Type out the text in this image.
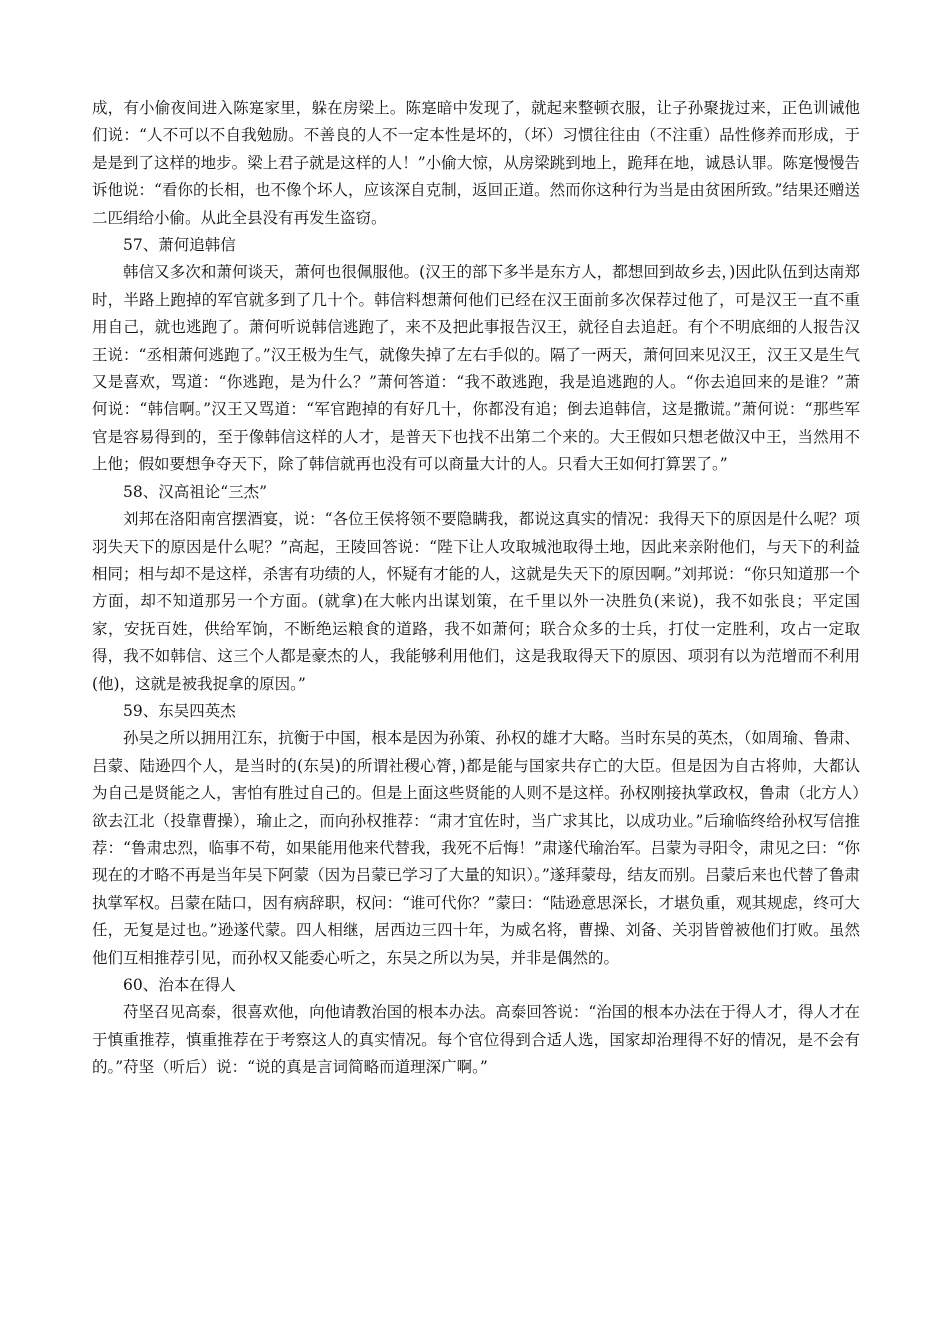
成，有小偷夜间进入陈寔家里，躲在房梁上。陈寔暗中发现了，就起来整顿衣服，让子孙聚拢过来，正色训诫他们说：“人不可以不自我勉励。不善良的人不一定本性是坏的，（坏）习惯往往由（不注重）品性修养而形成，于是是到了这样的地步。梁上君子就是这样的人！”小偷大惊，从房梁跳到地上，跪拜在地，诚恳认罪。陈寔慢慢告诉他说：“看你的长相，也不像个坏人，应该深自克制，返回正道。然而你这种行为当是由贫困所致。”结果还赠送二匹绢给小偷。从此全县没有再发生盗窃。

57、萧何追韩信

韩信又多次和萧何谈天，萧何也很佩服他。(汉王的部下多半是东方人，都想回到故乡去，)因此队伍到达南郑时，半路上跑掉的军官就多到了几十个。韩信料想萧何他们已经在汉王面前多次保荐过他了，可是汉王一直不重用自己，就也逃跑了。萧何听说韩信逃跑了，来不及把此事报告汉王，就径自去追赶。有个不明底细的人报告汉王说：“丞相萧何逃跑了。”汉王极为生气，就像失掉了左右手似的。隔了一两天，萧何回来见汉王，汉王又是生气又是喜欢，骂道：“你逃跑，是为什么？”萧何答道：“我不敢逃跑，我是追逃跑的人。“你去追回来的是谁？”萧何说：“韩信啊。”汉王又骂道：“军官跑掉的有好几十，你都没有追；倒去追韩信，这是撒谎。”萧何说：“那些军官是容易得到的，至于像韩信这样的人才，是普天下也找不出第二个来的。大王假如只想老做汉中王，当然用不上他；假如要想争夺天下，除了韩信就再也没有可以商量大计的人。只看大王如何打算罢了。”

58、汉高祖论“三杰”

刘邦在洛阳南宫摆酒宴，说：“各位王侯将领不要隐瞒我，都说这真实的情况：我得天下的原因是什么呢？项羽失天下的原因是什么呢？”高起，王陵回答说：“陛下让人攻取城池取得土地，因此来亲附他们，与天下的利益相同；相与却不是这样，杀害有功绩的人，怀疑有才能的人，这就是失天下的原因啊。”刘邦说：“你只知道那一个方面，却不知道那另一个方面。(就拿)在大帐内出谋划策，在千里以外一决胜负(来说)，我不如张良；平定国家，安抚百姓，供给军饷，不断绝运粮食的道路，我不如萧何；联合众多的士兵，打仗一定胜利，攻占一定取得，我不如韩信、这三个人都是豪杰的人，我能够利用他们，这是我取得天下的原因、项羽有以为范增而不利用(他)，这就是被我捉拿的原因。”

59、东吴四英杰

孙吴之所以拥用江东，抗衡于中国，根本是因为孙策、孙权的雄才大略。当时东吴的英杰，（如周瑜、鲁肃、吕蒙、陆逊四个人，是当时的(东吴)的所谓社稷心膂，)都是能与国家共存亡的大臣。但是因为自古将帅，大都认为自己是贤能之人，害怕有胜过自己的。但是上面这些贤能的人则不是这样。孙权刚接执掌政权，鲁肃（北方人）欲去江北（投靠曹操），瑜止之，而向孙权推荐：“肃才宜佐时，当广求其比，以成功业。”后瑜临终给孙权写信推荐：“鲁肃忠烈，临事不苟，如果能用他来代替我，我死不后悔！”肃遂代瑜治军。吕蒙为寻阳令，肃见之曰：“你现在的才略不再是当年吴下阿蒙（因为吕蒙已学习了大量的知识）。”遂拜蒙母，结友而别。吕蒙后来也代替了鲁肃执掌军权。吕蒙在陆口，因有病辞职，权问：“谁可代你？”蒙曰：“陆逊意思深长，才堪负重，观其规虑，终可大任，无复是过也。”逊遂代蒙。四人相继，居西边三四十年，为威名将，曹操、刘备、关羽皆曾被他们打败。虽然他们互相推荐引见，而孙权又能委心听之，东吴之所以为吴，并非是偶然的。

60、治本在得人

苻坚召见高泰，很喜欢他，向他请教治国的根本办法。高泰回答说：“治国的根本办法在于得人才，得人才在于慎重推荐，慎重推荐在于考察这人的真实情况。每个官位得到合适人选，国家却治理得不好的情况，是不会有的。”苻坚（听后）说：“说的真是言词简略而道理深广啊。”
